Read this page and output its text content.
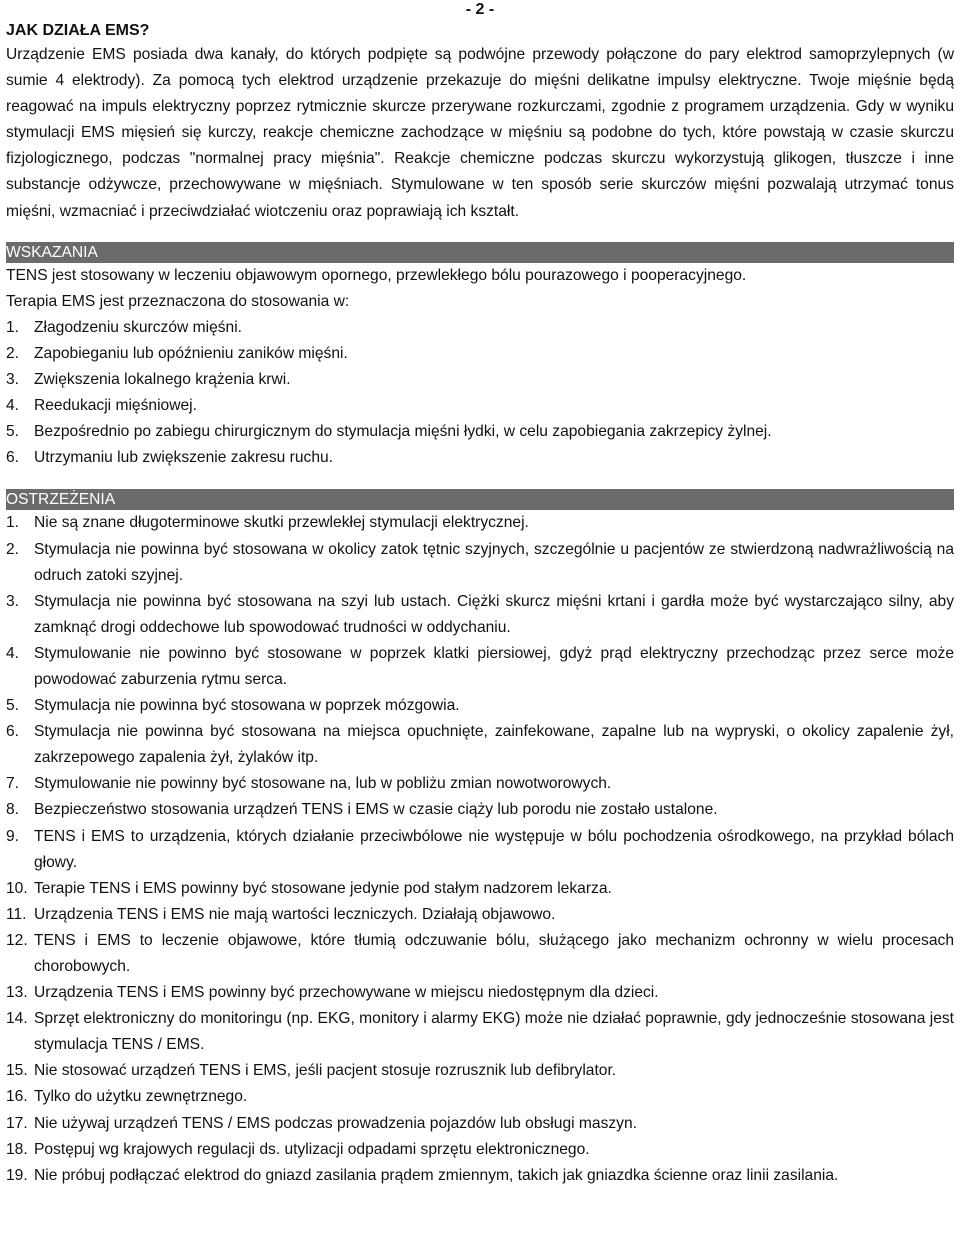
- 2 -
JAK DZIAŁA EMS?

Urządzenie EMS posiada dwa kanały, do których podpięte są podwójne przewody połączone do pary elektrod samoprzylepnych (w sumie 4 elektrody). Za pomocą tych elektrod urządzenie przekazuje do mięśni delikatne impulsy elektryczne. Twoje mięśnie będą reagować na impuls elektryczny poprzez rytmicznie skurcze przerywane rozkurczami, zgodnie z programem urządzenia. Gdy w wyniku stymulacji EMS mięsień się kurczy, reakcje chemiczne zachodzące w mięśniu są podobne do tych, które powstają w czasie skurczu fizjologicznego, podczas "normalnej pracy mięśnia". Reakcje chemiczne podczas skurczu wykorzystują glikogen, tłuszcze i inne substancje odżywcze, przechowywane w mięśniach. Stymulowane w ten sposób serie skurczów mięśni pozwalają utrzymać tonus mięśni, wzmacniać i przeciwdziałać wiotczeniu oraz poprawiają ich kształt.

WSKAZANIA

TENS jest stosowany w leczeniu objawowym opornego, przewlekłego bólu pourazowego i pooperacyjnego.

Terapia EMS jest przeznaczona do stosowania w:

1. Złagodzeniu skurczów mięśni.
2. Zapobieganiu lub opóźnieniu zaników mięśni.
3. Zwiększenia lokalnego krążenia krwi.
4. Reedukacji mięśniowej.
5. Bezpośrednio po zabiegu chirurgicznym do stymulacja mięśni łydki, w celu zapobiegania zakrzepicy żylnej.
6. Utrzymaniu lub zwiększenie zakresu ruchu.
OSTRZEŻENIA
1. Nie są znane długoterminowe skutki przewlekłej stymulacji elektrycznej.
2. Stymulacja nie powinna być stosowana w okolicy zatok tętnic szyjnych, szczególnie u pacjentów ze stwierdzoną nadwrażliwością na odruch zatoki szyjnej.
3. Stymulacja nie powinna być stosowana na szyi lub ustach. Ciężki skurcz mięśni krtani i gardła może być wystarczająco silny, aby zamknąć drogi oddechowe lub spowodować trudności w oddychaniu.
4. Stymulowanie nie powinno być stosowane w poprzek klatki piersiowej, gdyż prąd elektryczny przechodząc przez serce może powodować zaburzenia rytmu serca.
5. Stymulacja nie powinna być stosowana w poprzek mózgowia.
6. Stymulacja nie powinna być stosowana na miejsca opuchnięte, zainfekowane, zapalne lub na wypryski, o okolicy zapalenie żył, zakrzepowego zapalenia żył, żylaków itp.
7. Stymulowanie nie powinny być stosowane na, lub w pobliżu zmian nowotworowych.
8. Bezpieczeństwo stosowania urządzeń TENS i EMS w czasie ciąży lub porodu nie zostało ustalone.
9. TENS i EMS to urządzenia, których działanie przeciwbólowe nie występuje w bólu pochodzenia ośrodkowego, na przykład bólach głowy.
10. Terapie TENS i EMS powinny być stosowane jedynie pod stałym nadzorem lekarza.
11. Urządzenia TENS i EMS nie mają wartości leczniczych. Działają objawowo.
12. TENS i EMS to leczenie objawowe, które tłumią odczuwanie bólu, służącego jako mechanizm ochronny w wielu procesach chorobowych.
13. Urządzenia TENS i EMS powinny być przechowywane w miejscu niedostępnym dla dzieci.
14. Sprzęt elektroniczny do monitoringu (np. EKG, monitory i alarmy EKG) może nie działać poprawnie, gdy jednocześnie stosowana jest stymulacja TENS / EMS.
15. Nie stosować urządzeń TENS i EMS, jeśli pacjent stosuje rozrusznik lub defibrylator.
16. Tylko do użytku zewnętrznego.
17. Nie używaj urządzeń TENS / EMS podczas prowadzenia pojazdów lub obsługi maszyn.
18. Postępuj wg krajowych regulacji ds. utylizacji odpadami sprzętu elektronicznego.
19. Nie próbuj podłączać elektrod do gniazd zasilania prądem zmiennym, takich jak gniazdka ścienne oraz linii zasilania.
